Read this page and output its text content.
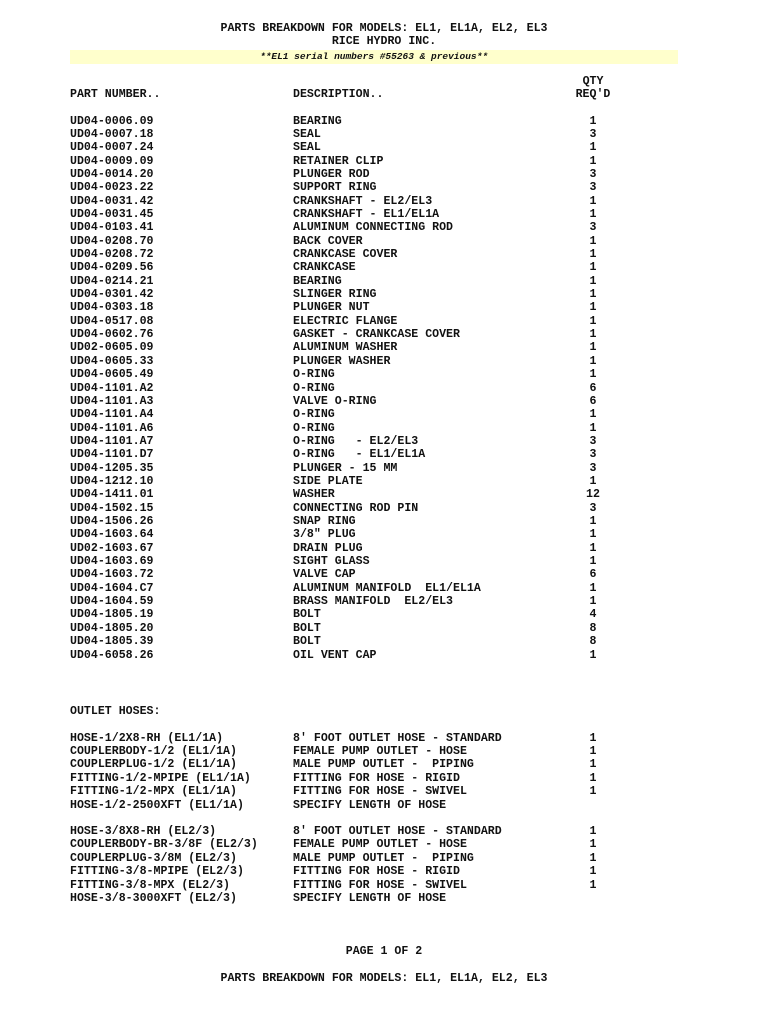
PARTS BREAKDOWN FOR MODELS: EL1, EL1A, EL2, EL3
RICE HYDRO INC.
**EL1 serial numbers #55263 & previous**
QTY
PART NUMBER..	DESCRIPTION..	REQ'D
UD04-0006.09	BEARING	1
UD04-0007.18	SEAL	3
UD04-0007.24	SEAL	1
UD04-0009.09	RETAINER CLIP	1
UD04-0014.20	PLUNGER ROD	3
UD04-0023.22	SUPPORT RING	3
UD04-0031.42	CRANKSHAFT - EL2/EL3	1
UD04-0031.45	CRANKSHAFT - EL1/EL1A	1
UD04-0103.41	ALUMINUM CONNECTING ROD	3
UD04-0208.70	BACK COVER	1
UD04-0208.72	CRANKCASE COVER	1
UD04-0209.56	CRANKCASE	1
UD04-0214.21	BEARING	1
UD04-0301.42	SLINGER RING	1
UD04-0303.18	PLUNGER NUT	1
UD04-0517.08	ELECTRIC FLANGE	1
UD04-0602.76	GASKET - CRANKCASE COVER	1
UD02-0605.09	ALUMINUM WASHER	1
UD04-0605.33	PLUNGER WASHER	1
UD04-0605.49	O-RING	1
UD04-1101.A2	O-RING	6
UD04-1101.A3	VALVE O-RING	6
UD04-1101.A4	O-RING	1
UD04-1101.A6	O-RING	1
UD04-1101.A7	O-RING   - EL2/EL3	3
UD04-1101.D7	O-RING   - EL1/EL1A	3
UD04-1205.35	PLUNGER - 15 MM	3
UD04-1212.10	SIDE PLATE	1
UD04-1411.01	WASHER	12
UD04-1502.15	CONNECTING ROD PIN	3
UD04-1506.26	SNAP RING	1
UD04-1603.64	3/8" PLUG	1
UD02-1603.67	DRAIN PLUG	1
UD04-1603.69	SIGHT GLASS	1
UD04-1603.72	VALVE CAP	6
UD04-1604.C7	ALUMINUM MANIFOLD  EL1/EL1A	1
UD04-1604.59	BRASS MANIFOLD  EL2/EL3	1
UD04-1805.19	BOLT	4
UD04-1805.20	BOLT	8
UD04-1805.39	BOLT	8
UD04-6058.26	OIL VENT CAP	1
OUTLET HOSES:
HOSE-1/2X8-RH (EL1/1A)	8' FOOT OUTLET HOSE - STANDARD	1
COUPLERBODY-1/2 (EL1/1A)	FEMALE PUMP OUTLET - HOSE	1
COUPLERPLUG-1/2 (EL1/1A)	MALE PUMP OUTLET -  PIPING	1
FITTING-1/2-MPIPE (EL1/1A)	FITTING FOR HOSE - RIGID	1
FITTING-1/2-MPX (EL1/1A)	FITTING FOR HOSE - SWIVEL	1
HOSE-1/2-2500XFT (EL1/1A)	SPECIFY LENGTH OF HOSE
HOSE-3/8X8-RH (EL2/3)	8' FOOT OUTLET HOSE - STANDARD	1
COUPLERBODY-BR-3/8F (EL2/3)	FEMALE PUMP OUTLET - HOSE	1
COUPLERPLUG-3/8M (EL2/3)	MALE PUMP OUTLET -  PIPING	1
FITTING-3/8-MPIPE (EL2/3)	FITTING FOR HOSE - RIGID	1
FITTING-3/8-MPX (EL2/3)	FITTING FOR HOSE - SWIVEL	1
HOSE-3/8-3000XFT (EL2/3)	SPECIFY LENGTH OF HOSE
PAGE 1 OF 2
PARTS BREAKDOWN FOR MODELS: EL1, EL1A, EL2, EL3
